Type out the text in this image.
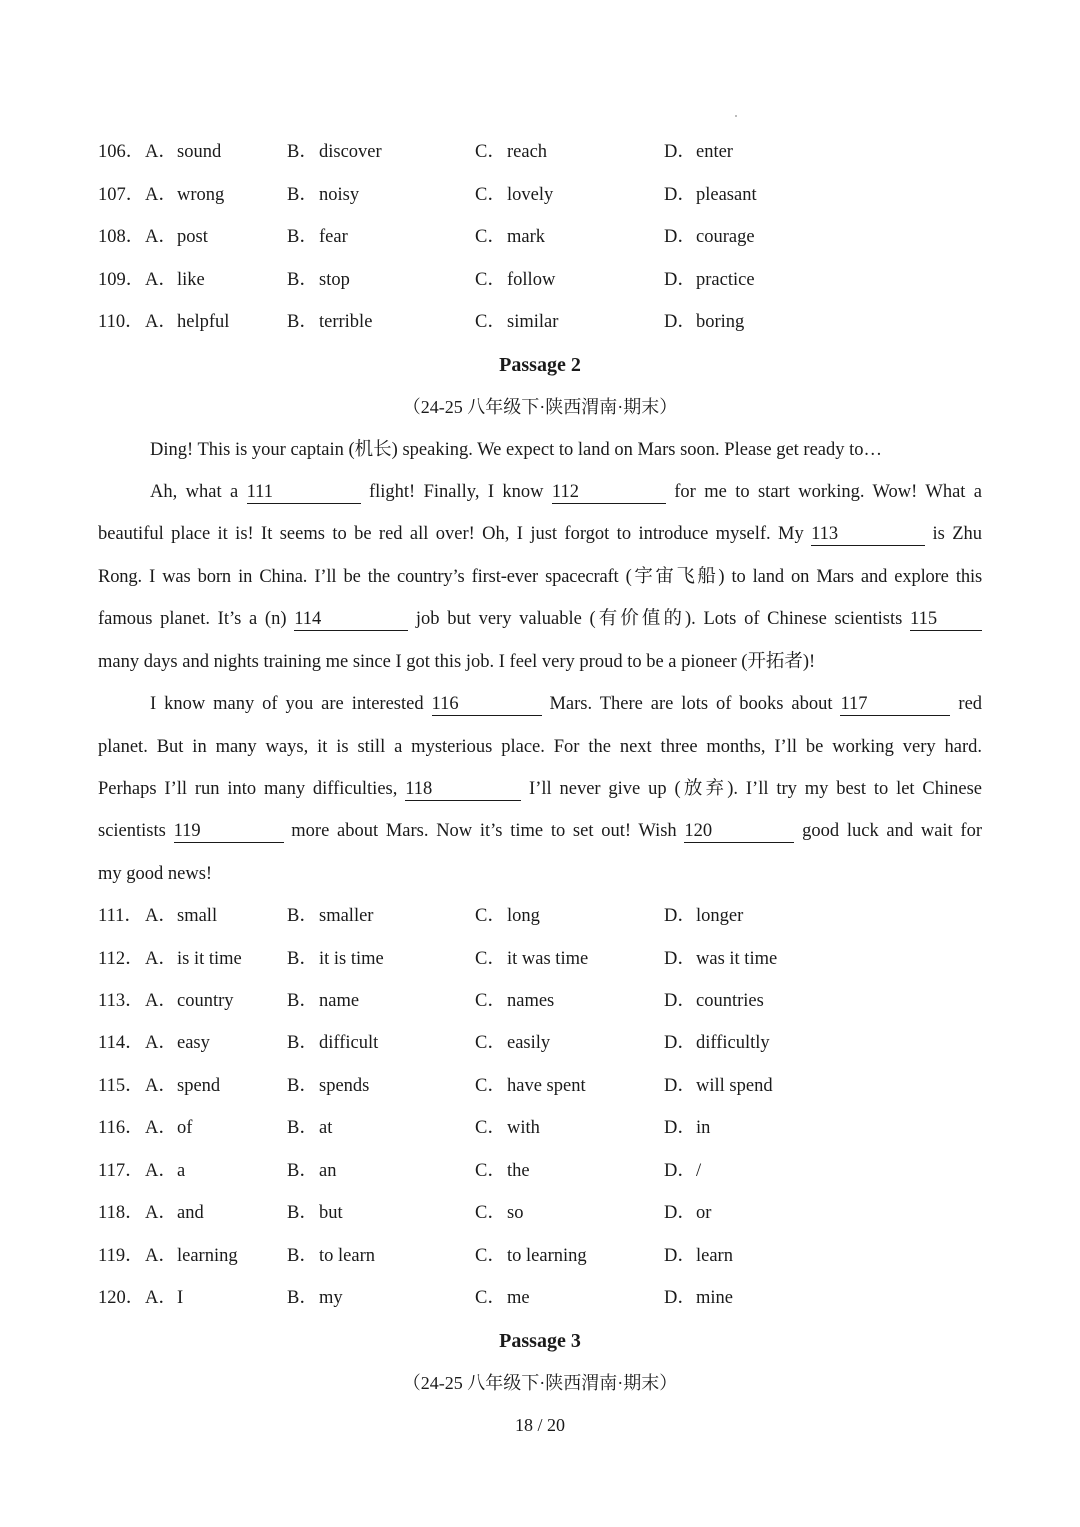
106． A．sound	B．discover	C．reach	D．enter
107． A．wrong	B．noisy	C．lovely	D．pleasant
108． A．post	B．fear	C．mark	D．courage
109． A．like	B．stop	C．follow	D．practice
110． A．helpful	B．terrible	C．similar	D．boring
Passage 2
（24-25 八年级下·陕西渭南·期末）
Ding! This is your captain (机长) speaking. We expect to land on Mars soon. Please get ready to…
Ah, what a 111	flight! Finally, I know 112	for me to start working. Wow! What a
beautiful place it is! It seems to be red all over! Oh, I just forgot to introduce myself. My 113	is Zhu
Rong. I was born in China. I’ll be the country’s first-ever spacecraft (宇宙飞船) to land on Mars and explore this
famous planet. It’s a (n) 114	job but very valuable (有价值的). Lots of Chinese scientists 115
many days and nights training me since I got this job. I feel very proud to be a pioneer (开拓者)!
I know many of you are interested 116	Mars. There are lots of books about 117	red
planet. But in many ways, it is still a mysterious place. For the next three months, I’ll be working very hard.
Perhaps I’ll run into many difficulties, 118	I’ll never give up (放弃). I’ll try my best to let Chinese
scientists 119	more about Mars. Now it’s time to set out! Wish 120	good luck and wait for
my good news!
111． A．small	B．smaller	C．long	D．longer
112． A．is it time B．it is time	C．it was time	D．was it time
113． A．country	B．name	C．names	D．countries
114． A．easy	B．difficult	C．easily	D．difficultly
115． A．spend	B．spends	C．have spent	D．will spend
116． A．of	B．at	C．with	D．in
117． A．a	B．an	C．the	D．/
118． A．and	B．but	C．so	D．or
119． A．learning	B．to learn	C．to learning	D．learn
120． A．I	B．my	C．me	D．mine
Passage 3
（24-25 八年级下·陕西渭南·期末）
18 / 20
